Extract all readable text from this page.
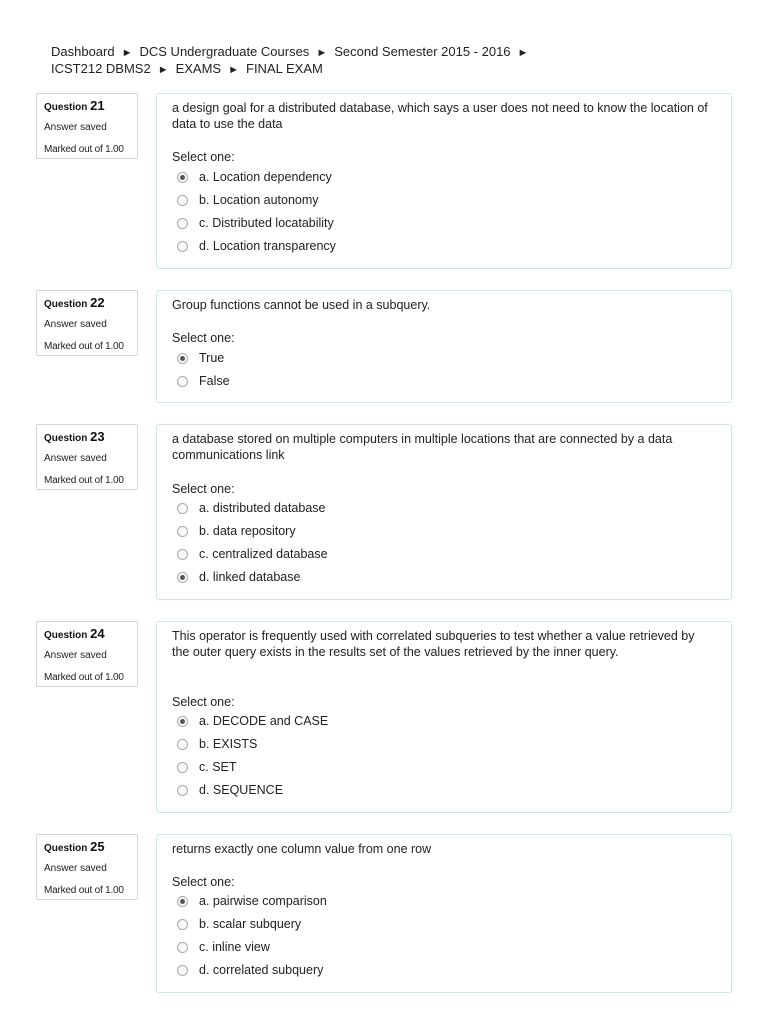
Dashboard ► DCS Undergraduate Courses ► Second Semester 2015 - 2016 ►
ICST212 DBMS2 ► EXAMS ► FINAL EXAM
Question 21
Answer saved
Marked out of 1.00
a design goal for a distributed database, which says a user does not need to know the location of data to use the data
Select one:
a. Location dependency
b. Location autonomy
c. Distributed locatability
d. Location transparency
Question 22
Answer saved
Marked out of 1.00
Group functions cannot be used in a subquery.
Select one:
True
False
Question 23
Answer saved
Marked out of 1.00
a database stored on multiple computers in multiple locations that are connected by a data communications link
Select one:
a. distributed database
b. data repository
c. centralized database
d. linked database
Question 24
Answer saved
Marked out of 1.00
This operator is frequently used with correlated subqueries to test whether a value retrieved by the outer query exists in the results set of the values retrieved by the inner query.
Select one:
a. DECODE and CASE
b. EXISTS
c. SET
d. SEQUENCE
Question 25
Answer saved
Marked out of 1.00
returns exactly one column value from one row
Select one:
a. pairwise comparison
b. scalar subquery
c. inline view
d. correlated subquery
